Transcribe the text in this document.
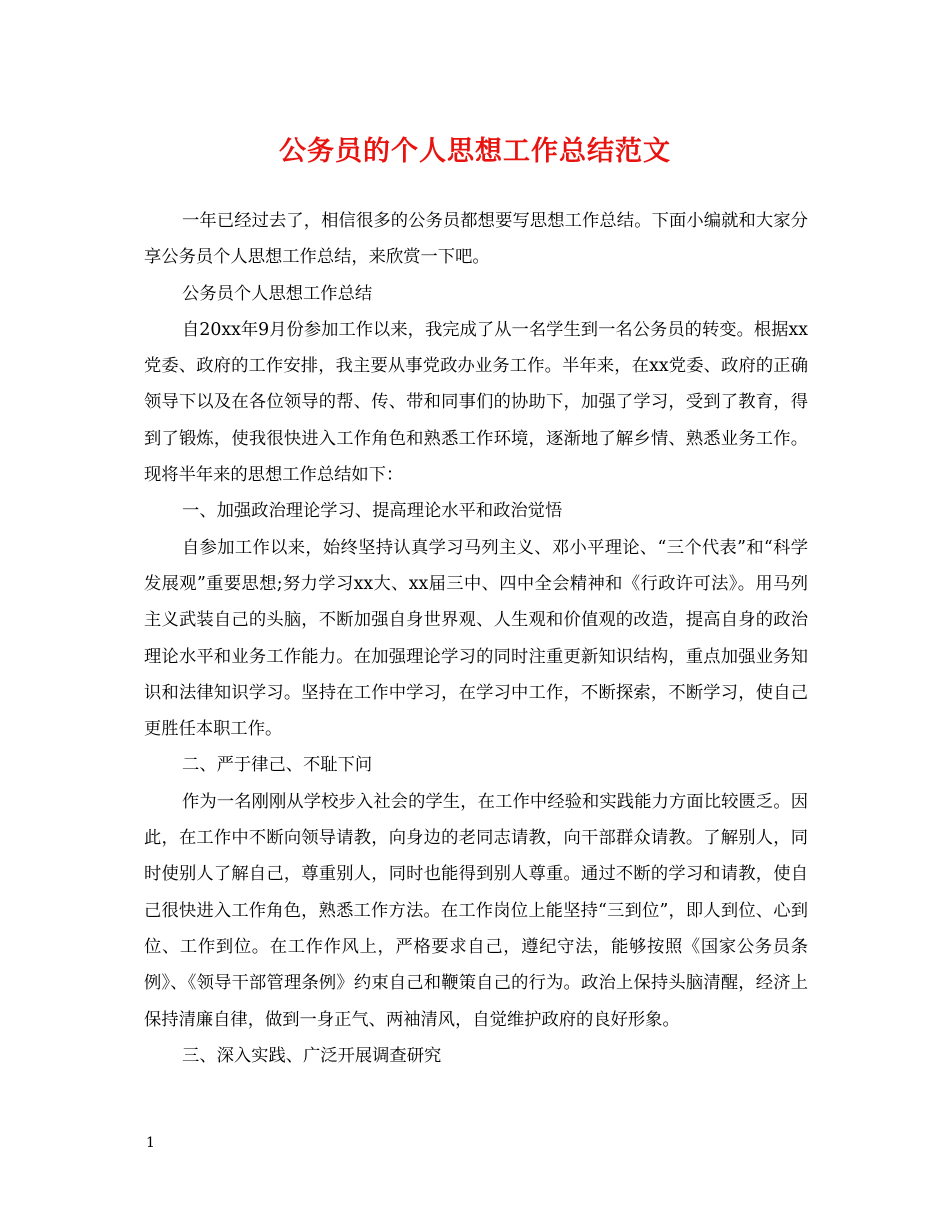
公务员的个人思想工作总结范文

一年已经过去了，相信很多的公务员都想要写思想工作总结。下面小编就和大家分享公务员个人思想工作总结，来欣赏一下吧。

公务员个人思想工作总结

自20xx年9月份参加工作以来，我完成了从一名学生到一名公务员的转变。根据xx党委、政府的工作安排，我主要从事党政办业务工作。半年来，在xx党委、政府的正确领导下以及在各位领导的帮、传、带和同事们的协助下，加强了学习，受到了教育，得到了锻炼，使我很快进入工作角色和熟悉工作环境，逐渐地了解乡情、熟悉业务工作。现将半年来的思想工作总结如下：

一、加强政治理论学习、提高理论水平和政治觉悟

自参加工作以来，始终坚持认真学习马列主义、邓小平理论、“三个代表”和“科学发展观”重要思想;努力学习xx大、xx届三中、四中全会精神和《行政许可法》。用马列主义武装自己的头脑，不断加强自身世界观、人生观和价值观的改造，提高自身的政治理论水平和业务工作能力。在加强理论学习的同时注重更新知识结构，重点加强业务知识和法律知识学习。坚持在工作中学习，在学习中工作，不断探索，不断学习，使自己更胜任本职工作。

二、严于律己、不耻下问

作为一名刚刚从学校步入社会的学生，在工作中经验和实践能力方面比较匮乏。因此，在工作中不断向领导请教，向身边的老同志请教，向干部群众请教。了解别人，同时使别人了解自己，尊重别人，同时也能得到别人尊重。通过不断的学习和请教，使自己很快进入工作角色，熟悉工作方法。在工作岗位上能坚持“三到位”，即人到位、心到位、工作到位。在工作作风上，严格要求自己，遵纪守法，能够按照《国家公务员条例》、《领导干部管理条例》约束自己和鞭策自己的行为。政治上保持头脑清醒，经济上保持清廉自律，做到一身正气、两袖清风，自觉维护政府的良好形象。

三、深入实践、广泛开展调查研究

1
